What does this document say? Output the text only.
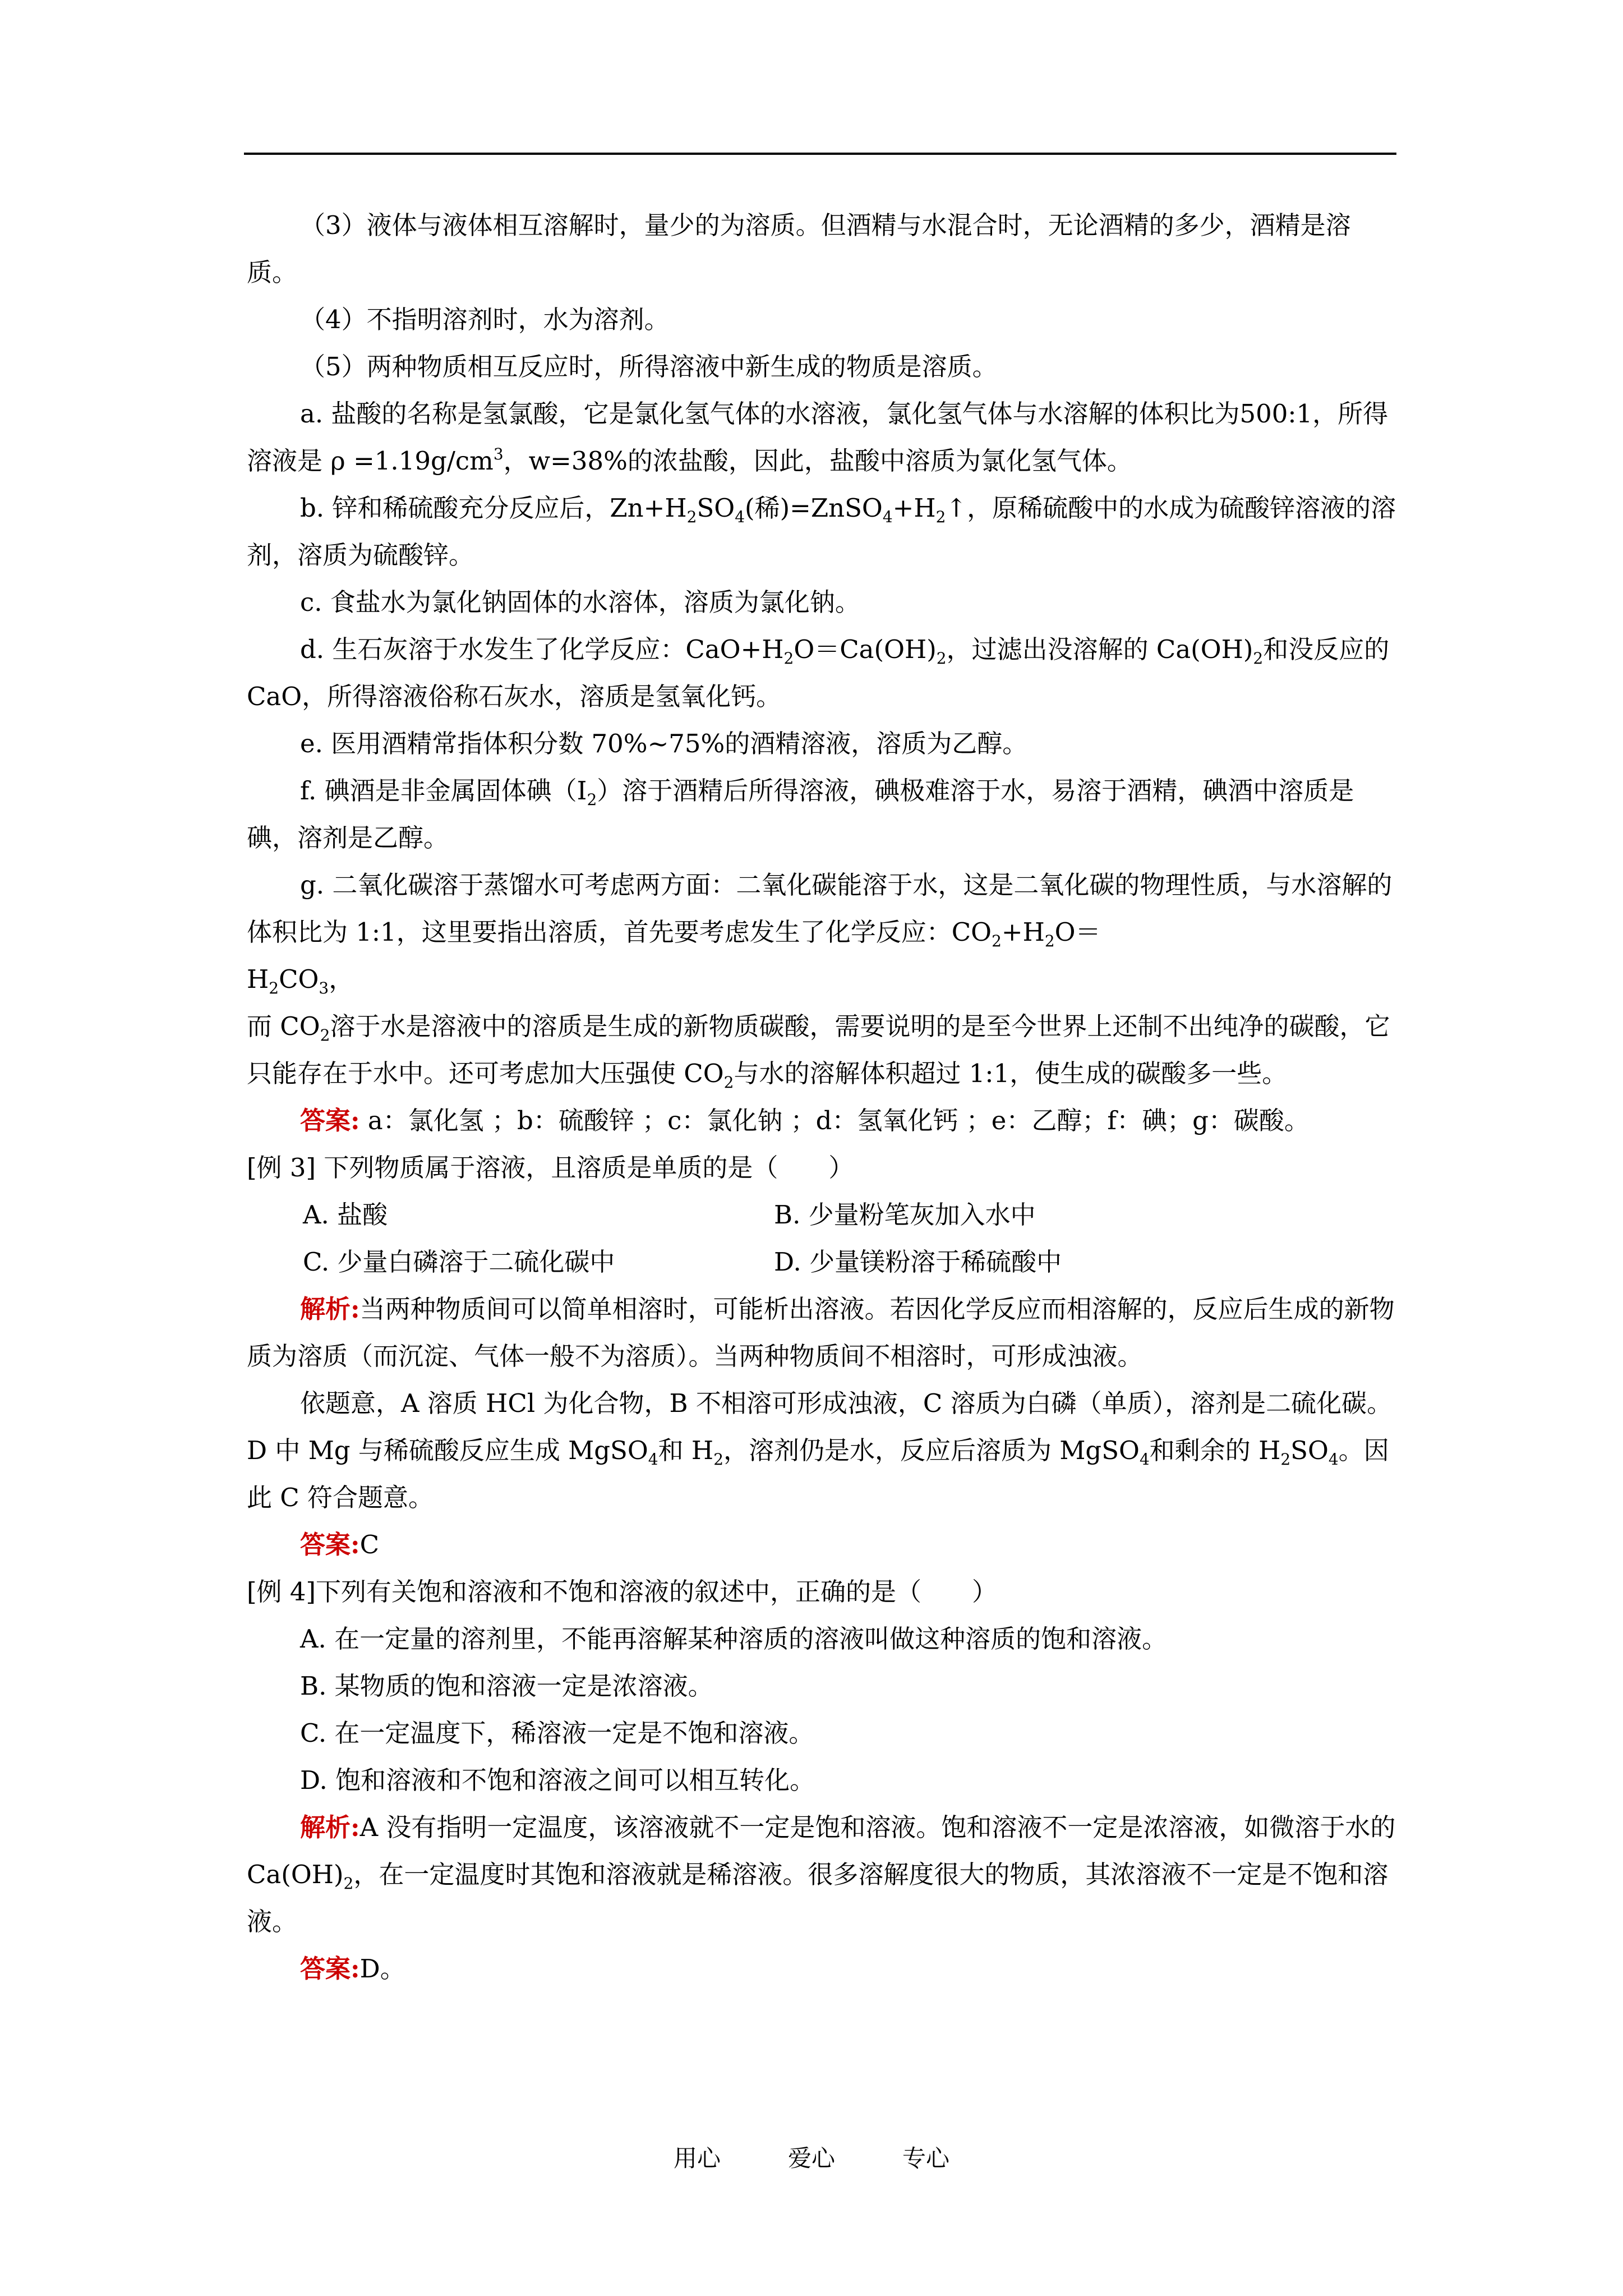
（3）液体与液体相互溶解时，量少的为溶质。但酒精与水混合时，无论酒精的多少，酒精是溶质。

（4）不指明溶剂时，水为溶剂。

（5）两种物质相互反应时，所得溶液中新生成的物质是溶质。

a. 盐酸的名称是氢氯酸，它是氯化氢气体的水溶液，氯化氢气体与水溶解的体积比为500:1，所得溶液是 $\rho =1.19g/cm^3$，w=38%的浓盐酸，因此，盐酸中溶质为氯化氢气体。

b. 锌和稀硫酸充分反应后，$Zn+H_2SO_4$(稀)$=ZnSO_4+H_2↑$，原稀硫酸中的水成为硫酸锌溶液的溶剂，溶质为硫酸锌。

c. 食盐水为氯化钠固体的水溶体，溶质为氯化钠。

d. 生石灰溶于水发生了化学反应：$CaO+H_2O=Ca(OH)_2$，过滤出没溶解的 $Ca(OH)_2$和没反应的 CaO，所得溶液俗称石灰水，溶质是氢氧化钙。

e. 医用酒精常指体积分数 70%~75%的酒精溶液，溶质为乙醇。

f. 碘酒是非金属固体碘$(I_2)$溶于酒精后所得溶液，碘极难溶于水，易溶于酒精，碘酒中溶质是碘，溶剂是乙醇。

g. 二氧化碳溶于蒸馏水可考虑两方面：二氧化碳能溶于水，这是二氧化碳的物理性质，与水溶解的体积比为 1:1，这里要指出溶质，首先要考虑发生了化学反应：$CO_2+H_2O=$

$H_2CO_3$，

而 $CO_2$溶于水是溶液中的溶质是生成的新物质碳酸，需要说明的是至今世界上还制不出纯净的碳酸，它只能存在于水中。还可考虑加大压强使 $CO_2$与水的溶解体积超过 1:1，使生成的碳酸多一些。

答案: a：氯化氢 ；b：硫酸锌 ；c：氯化钠 ；d：氢氧化钙 ；e：乙醇；f：碘；g：碳酸。

[例 3] 下列物质属于溶液，且溶质是单质的是（　　）

A. 盐酸	B. 少量粉笔灰加入水中
C. 少量白磷溶于二硫化碳中	D. 少量镁粉溶于稀硫酸中

解析:当两种物质间可以简单相溶时，可能析出溶液。若因化学反应而相溶解的，反应后生成的新物质为溶质（而沉淀、气体一般不为溶质）。当两种物质间不相溶时，可形成浊液。

依题意，A 溶质 HCl 为化合物，B 不相溶可形成浊液，C 溶质为白磷（单质），溶剂是二硫化碳。D 中 Mg 与稀硫酸反应生成 MgSO$_4$和 $H_2$，溶剂仍是水，反应后溶质为 MgSO$_4$和剩余的 $H_2SO_4$。因此 C 符合题意。

答案:C

[例 4]下列有关饱和溶液和不饱和溶液的叙述中，正确的是（　　）

A. 在一定量的溶剂里，不能再溶解某种溶质的溶液叫做这种溶质的饱和溶液。

B. 某物质的饱和溶液一定是浓溶液。

C. 在一定温度下，稀溶液一定是不饱和溶液。

D. 饱和溶液和不饱和溶液之间可以相互转化。

解析:A 没有指明一定温度，该溶液就不一定是饱和溶液。饱和溶液不一定是浓溶液，如微溶于水的 $Ca(OH)_2$，在一定温度时其饱和溶液就是稀溶液。很多溶解度很大的物质，其浓溶液不一定是不饱和溶液。

答案:D。

用心	爱心	专心
